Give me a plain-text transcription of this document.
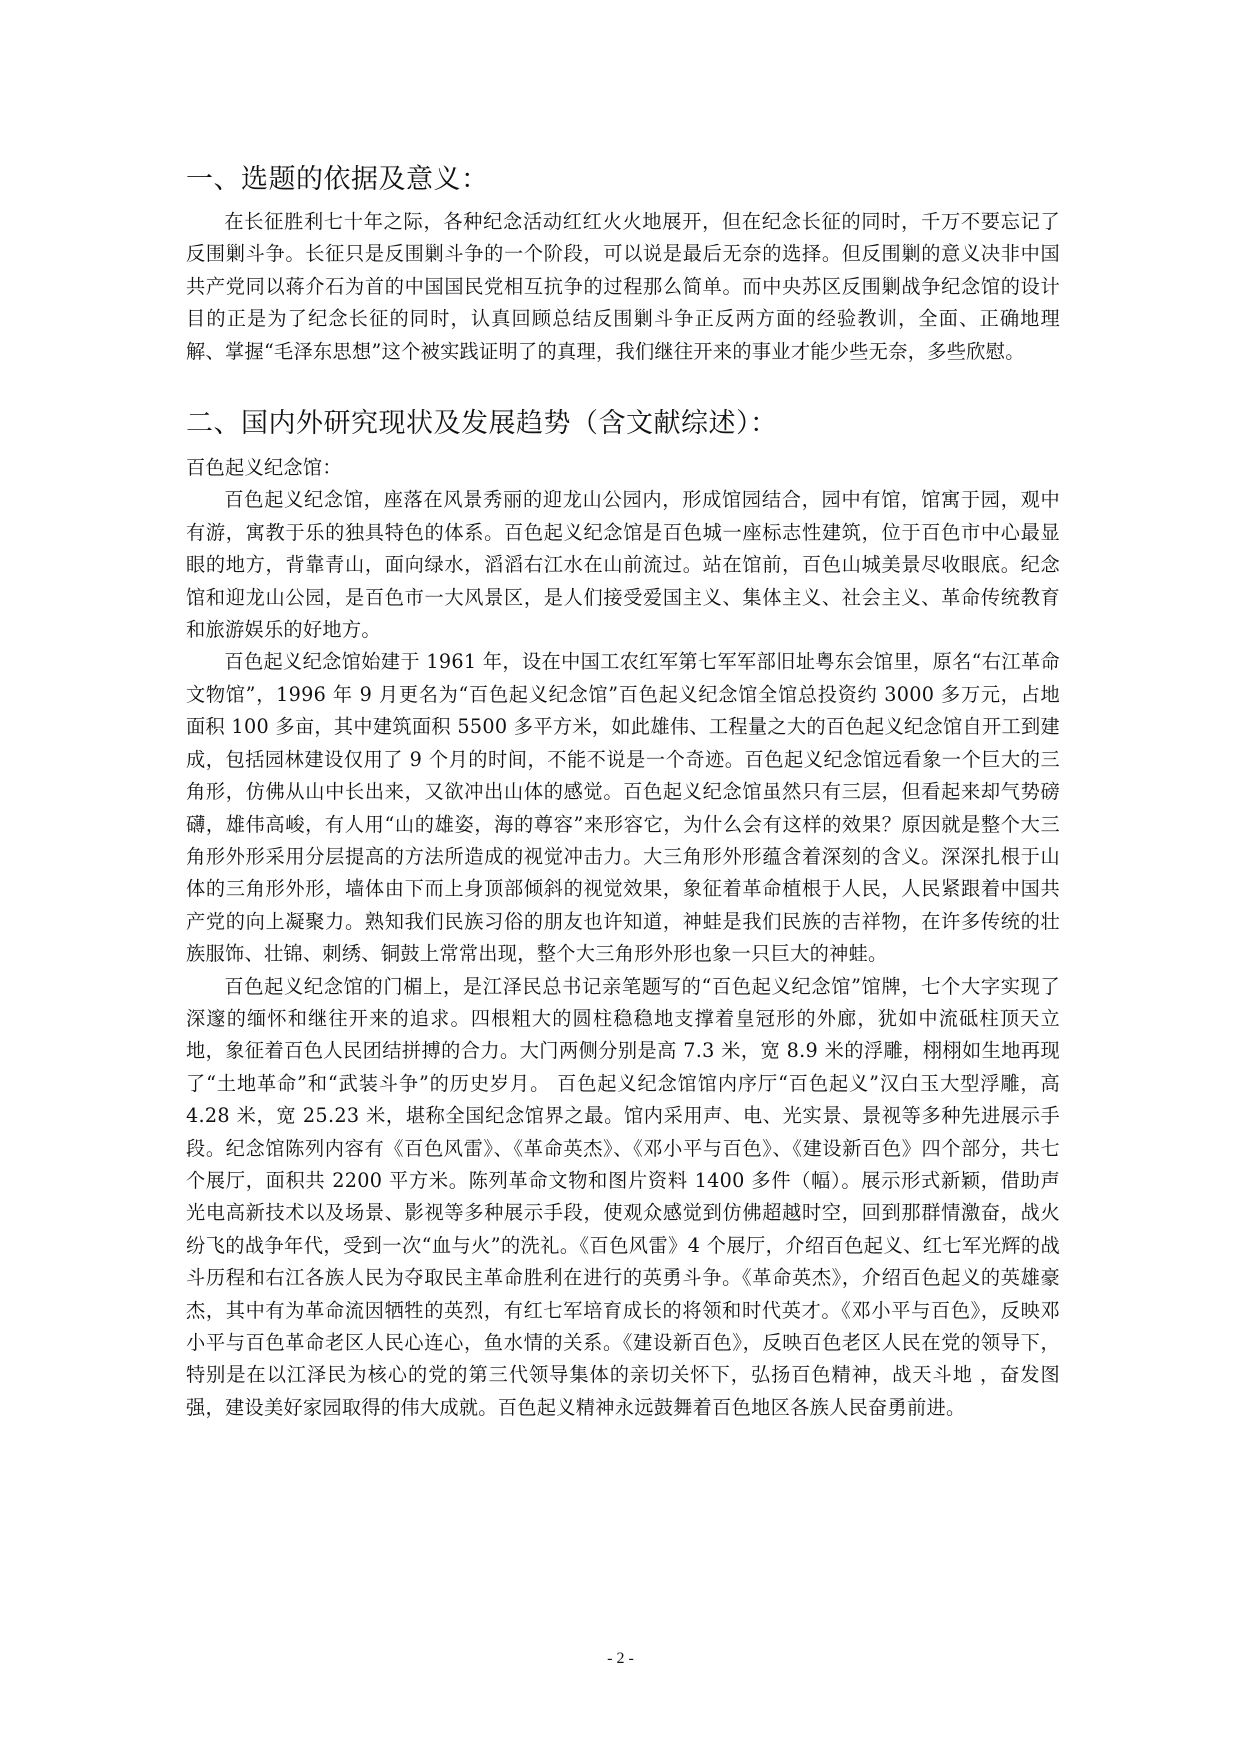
一、选题的依据及意义：

在长征胜利七十年之际，各种纪念活动红红火火地展开，但在纪念长征的同时，千万不要忘记了反围剿斗争。长征只是反围剿斗争的一个阶段，可以说是最后无奈的选择。但反围剿的意义决非中国共产党同以蒋介石为首的中国国民党相互抗争的过程那么简单。而中央苏区反围剿战争纪念馆的设计目的正是为了纪念长征的同时，认真回顾总结反围剿斗争正反两方面的经验教训，全面、正确地理解、掌握“毛泽东思想”这个被实践证明了的真理，我们继往开来的事业才能少些无奈，多些欣慰。

二、国内外研究现状及发展趋势（含文献综述）：

百色起义纪念馆：

百色起义纪念馆，座落在风景秀丽的迎龙山公园内，形成馆园结合，园中有馆，馆寓于园，观中有游，寓教于乐的独具特色的体系。百色起义纪念馆是百色城一座标志性建筑，位于百色市中心最显眼的地方，背靠青山，面向绿水，滔滔右江水在山前流过。站在馆前，百色山城美景尽收眼底。纪念馆和迎龙山公园，是百色市一大风景区，是人们接受爱国主义、集体主义、社会主义、革命传统教育和旅游娱乐的好地方。

百色起义纪念馆始建于 1961 年，设在中国工农红军第七军军部旧址粤东会馆里，原名“右江革命文物馆”，1996 年 9 月更名为“百色起义纪念馆”百色起义纪念馆全馆总投资约 3000 多万元，占地面积 100 多亩，其中建筑面积 5500 多平方米，如此雄伟、工程量之大的百色起义纪念馆自开工到建成，包括园林建设仅用了 9 个月的时间，不能不说是一个奇迹。百色起义纪念馆远看象一个巨大的三角形，仿佛从山中长出来，又欲冲出山体的感觉。百色起义纪念馆虽然只有三层，但看起来却气势磅礴，雄伟高峻，有人用“山的雄姿，海的尊容”来形容它，为什么会有这样的效果？原因就是整个大三角形外形采用分层提高的方法所造成的视觉冲击力。大三角形外形蕴含着深刻的含义。深深扎根于山体的三角形外形，墙体由下而上身顶部倾斜的视觉效果，象征着革命植根于人民，人民紧跟着中国共产党的向上凝聚力。熟知我们民族习俗的朋友也许知道，神蛙是我们民族的吉祥物，在许多传统的壮族服饰、壮锦、刺绣、铜鼓上常常出现，整个大三角形外形也象一只巨大的神蛙。

百色起义纪念馆的门楣上，是江泽民总书记亲笔题写的“百色起义纪念馆”馆牌，七个大字实现了深邃的缅怀和继往开来的追求。四根粗大的圆柱稳稳地支撑着皇冠形的外廊，犹如中流砥柱顶天立地，象征着百色人民团结拼搏的合力。大门两侧分别是高 7.3 米，宽 8.9 米的浮雕，栩栩如生地再现了“土地革命”和“武装斗争”的历史岁月。 百色起义纪念馆馆内序厅“百色起义”汉白玉大型浮雕，高 4.28 米，宽 25.23 米，堪称全国纪念馆界之最。馆内采用声、电、光实景、景视等多种先进展示手段。纪念馆陈列内容有《百色风雷》、《革命英杰》、《邓小平与百色》、《建设新百色》四个部分，共七个展厅，面积共 2200 平方米。陈列革命文物和图片资料 1400 多件（幅）。展示形式新颖，借助声光电高新技术以及场景、影视等多种展示手段，使观众感觉到仿佛超越时空，回到那群情激奋，战火纷飞的战争年代，受到一次“血与火”的洗礼。《百色风雷》4 个展厅，介绍百色起义、红七军光辉的战斗历程和右江各族人民为夺取民主革命胜利在进行的英勇斗争。《革命英杰》，介绍百色起义的英雄豪杰，其中有为革命流因牺牲的英烈，有红七军培育成长的将领和时代英才。《邓小平与百色》，反映邓小平与百色革命老区人民心连心，鱼水情的关系。《建设新百色》，反映百色老区人民在党的领导下，特别是在以江泽民为核心的党的第三代领导集体的亲切关怀下，弘扬百色精神，战天斗地 ，奋发图强，建设美好家园取得的伟大成就。百色起义精神永远鼓舞着百色地区各族人民奋勇前进。

- 2 -
